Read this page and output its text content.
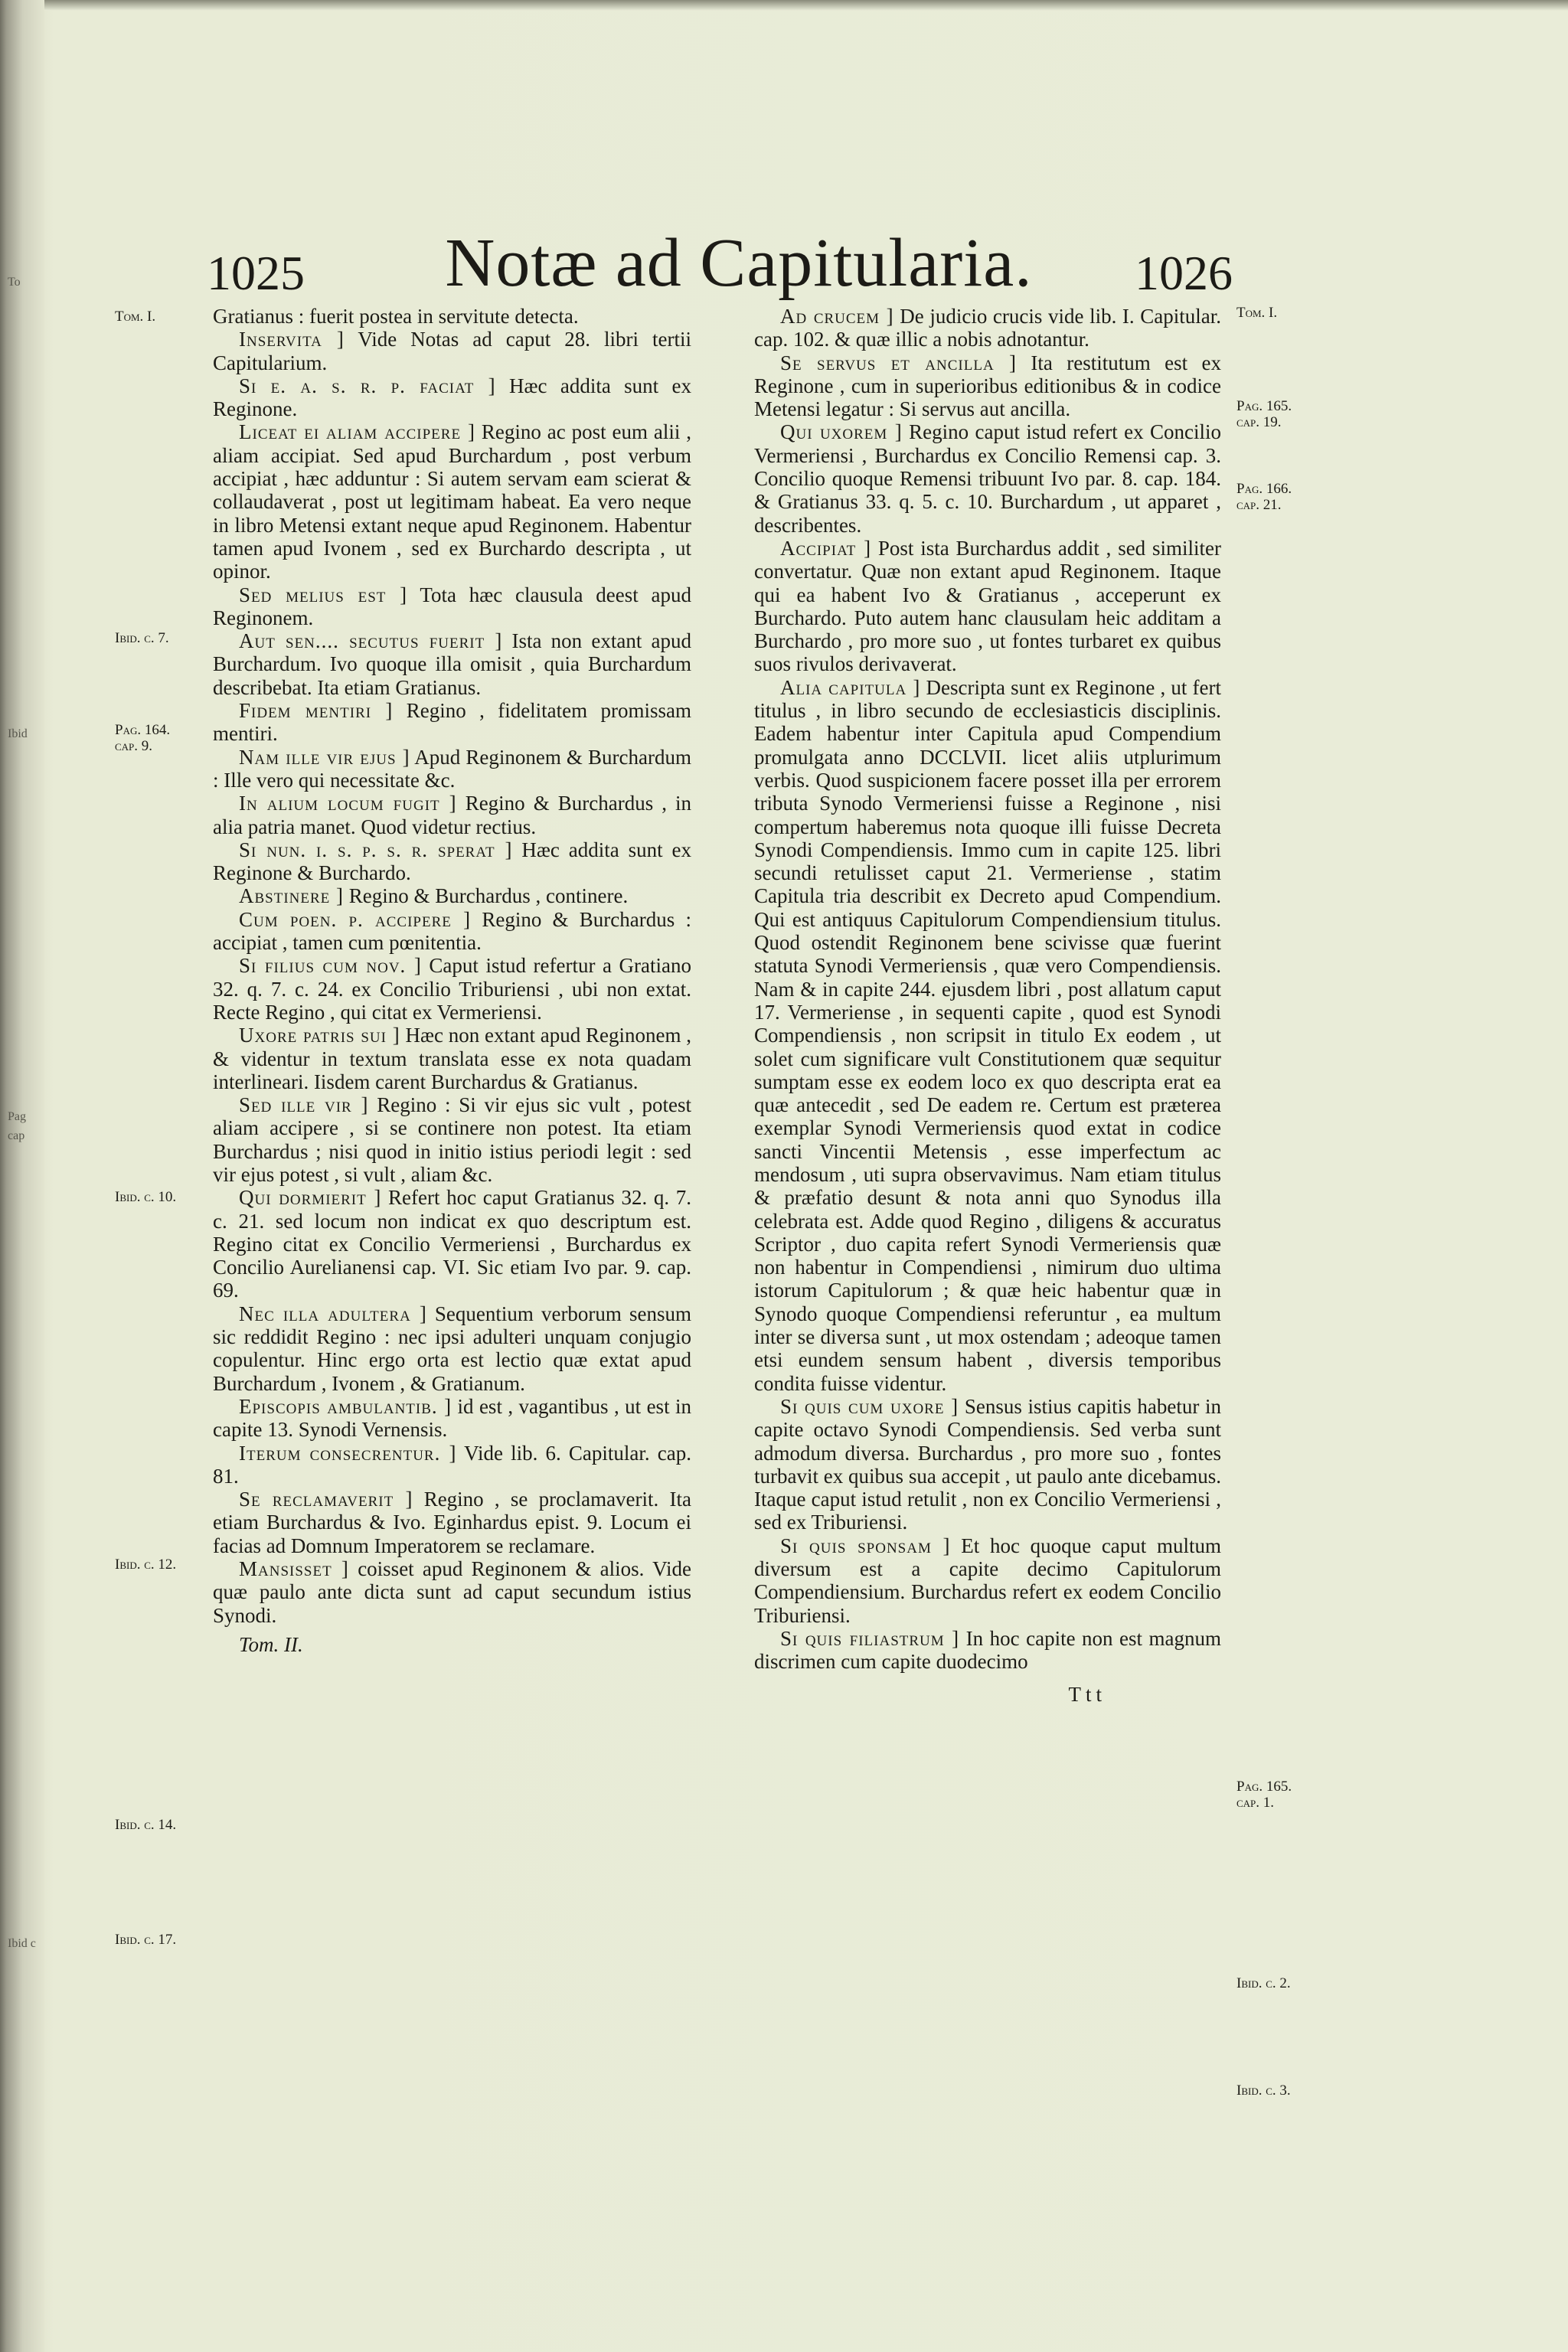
To
Ibid
Pag
cap
Ibid c
1025 Notæ ad Capitularia. 1026
Tom. I.
Ibid. c. 7.
Pag. 164.
cap. 9.
Ibid. c. 10.
Ibid. c. 12.
Ibid. c. 14.
Ibid. c. 17.
Tom. I.
Pag. 165.
cap. 19.
Pag. 166.
cap. 21.
Pag. 165.
cap. 1.
Ibid. c. 2.
Ibid. c. 3.

Gratianus : fuerit postea in servitute detecta.

Inservita ] Vide Notas ad caput 28. libri tertii Capitularium.

Si e. a. s. r. p. faciat ] Hæc addita sunt ex Reginone.

Liceat ei aliam accipere ] Regino ac post eum alii , aliam accipiat. Sed apud Burchardum , post verbum accipiat , hæc adduntur : Si autem servam eam scierat & collaudaverat , post ut legitimam habeat. Ea vero neque in libro Metensi extant neque apud Reginonem. Habentur tamen apud Ivonem , sed ex Burchardo descripta , ut opinor.

Sed melius est ] Tota hæc clausula deest apud Reginonem.

Aut sen.... secutus fuerit ] Ista non extant apud Burchardum. Ivo quoque illa omisit , quia Burchardum describebat. Ita etiam Gratianus.

Fidem mentiri ] Regino , fidelitatem promissam mentiri.

Nam ille vir ejus ] Apud Reginonem & Burchardum : Ille vero qui necessitate &c.

In alium locum fugit ] Regino & Burchardus , in alia patria manet. Quod videtur rectius.

Si nun. i. s. p. s. r. sperat ] Hæc addita sunt ex Reginone & Burchardo.

Abstinere ] Regino & Burchardus , continere.

Cum poen. p. accipere ] Regino & Burchardus : accipiat , tamen cum pœnitentia.

Si filius cum nov. ] Caput istud refertur a Gratiano 32. q. 7. c. 24. ex Concilio Triburiensi , ubi non extat. Recte Regino , qui citat ex Vermeriensi.

Uxore patris sui ] Hæc non extant apud Reginonem , & videntur in textum translata esse ex nota quadam interlineari. Iisdem carent Burchardus & Gratianus.

Sed ille vir ] Regino : Si vir ejus sic vult , potest aliam accipere , si se continere non potest. Ita etiam Burchardus ; nisi quod in initio istius periodi legit : sed vir ejus potest , si vult , aliam &c.

Qui dormierit ] Refert hoc caput Gratianus 32. q. 7. c. 21. sed locum non indicat ex quo descriptum est. Regino citat ex Concilio Vermeriensi , Burchardus ex Concilio Aurelianensi cap. VI. Sic etiam Ivo par. 9. cap. 69.

Nec illa adultera ] Sequentium verborum sensum sic reddidit Regino : nec ipsi adulteri unquam conjugio copulentur. Hinc ergo orta est lectio quæ extat apud Burchardum , Ivonem , & Gratianum.

Episcopis ambulantib. ] id est , vagantibus , ut est in capite 13. Synodi Vernensis.

Iterum consecrentur. ] Vide lib. 6. Capitular. cap. 81.

Se reclamaverit ] Regino , se proclamaverit. Ita etiam Burchardus & Ivo. Eginhardus epist. 9. Locum ei facias ad Domnum Imperatorem se reclamare.

Mansisset ] coisset apud Reginonem & alios. Vide quæ paulo ante dicta sunt ad caput secundum istius Synodi.

Tom. II.

Ad crucem ] De judicio crucis vide lib. I. Capitular. cap. 102. & quæ illic a nobis adnotantur.

Se servus et ancilla ] Ita restitutum est ex Reginone , cum in superioribus editionibus & in codice Metensi legatur : Si servus aut ancilla.

Qui uxorem ] Regino caput istud refert ex Concilio Vermeriensi , Burchardus ex Concilio Remensi cap. 3. Concilio quoque Remensi tribuunt Ivo par. 8. cap. 184. & Gratianus 33. q. 5. c. 10. Burchardum , ut apparet , describentes.

Accipiat ] Post ista Burchardus addit , sed similiter convertatur. Quæ non extant apud Reginonem. Itaque qui ea habent Ivo & Gratianus , acceperunt ex Burchardo. Puto autem hanc clausulam heic additam a Burchardo , pro more suo , ut fontes turbaret ex quibus suos rivulos derivaverat.

Alia capitula ] Descripta sunt ex Reginone , ut fert titulus , in libro secundo de ecclesiasticis disciplinis. Eadem habentur inter Capitula apud Compendium promulgata anno DCCLVII. licet aliis utplurimum verbis. Quod suspicionem facere posset illa per errorem tributa Synodo Vermeriensi fuisse a Reginone , nisi compertum haberemus nota quoque illi fuisse Decreta Synodi Compendiensis. Immo cum in capite 125. libri secundi retulisset caput 21. Vermeriense , statim Capitula tria describit ex Decreto apud Compendium. Qui est antiquus Capitulorum Compendiensium titulus. Quod ostendit Reginonem bene scivisse quæ fuerint statuta Synodi Vermeriensis , quæ vero Compendiensis. Nam & in capite 244. ejusdem libri , post allatum caput 17. Vermeriense , in sequenti capite , quod est Synodi Compendiensis , non scripsit in titulo Ex eodem , ut solet cum significare vult Constitutionem quæ sequitur sumptam esse ex eodem loco ex quo descripta erat ea quæ antecedit , sed De eadem re. Certum est præterea exemplar Synodi Vermeriensis quod extat in codice sancti Vincentii Metensis , esse imperfectum ac mendosum , uti supra observavimus. Nam etiam titulus & præfatio desunt & nota anni quo Synodus illa celebrata est. Adde quod Regino , diligens & accuratus Scriptor , duo capita refert Synodi Vermeriensis quæ non habentur in Compendiensi , nimirum duo ultima istorum Capitulorum ; & quæ heic habentur quæ in Synodo quoque Compendiensi referuntur , ea multum inter se diversa sunt , ut mox ostendam ; adeoque tamen etsi eundem sensum habent , diversis temporibus condita fuisse videntur.

Si quis cum uxore ] Sensus istius capitis habetur in capite octavo Synodi Compendiensis. Sed verba sunt admodum diversa. Burchardus , pro more suo , fontes turbavit ex quibus sua accepit , ut paulo ante dicebamus. Itaque caput istud retulit , non ex Concilio Vermeriensi , sed ex Triburiensi.

Si quis sponsam ] Et hoc quoque caput multum diversum est a capite decimo Capitulorum Compendiensium. Burchardus refert ex eodem Concilio Triburiensi.

Si quis filiastrum ] In hoc capite non est magnum discrimen cum capite duodecimo

Ttt
